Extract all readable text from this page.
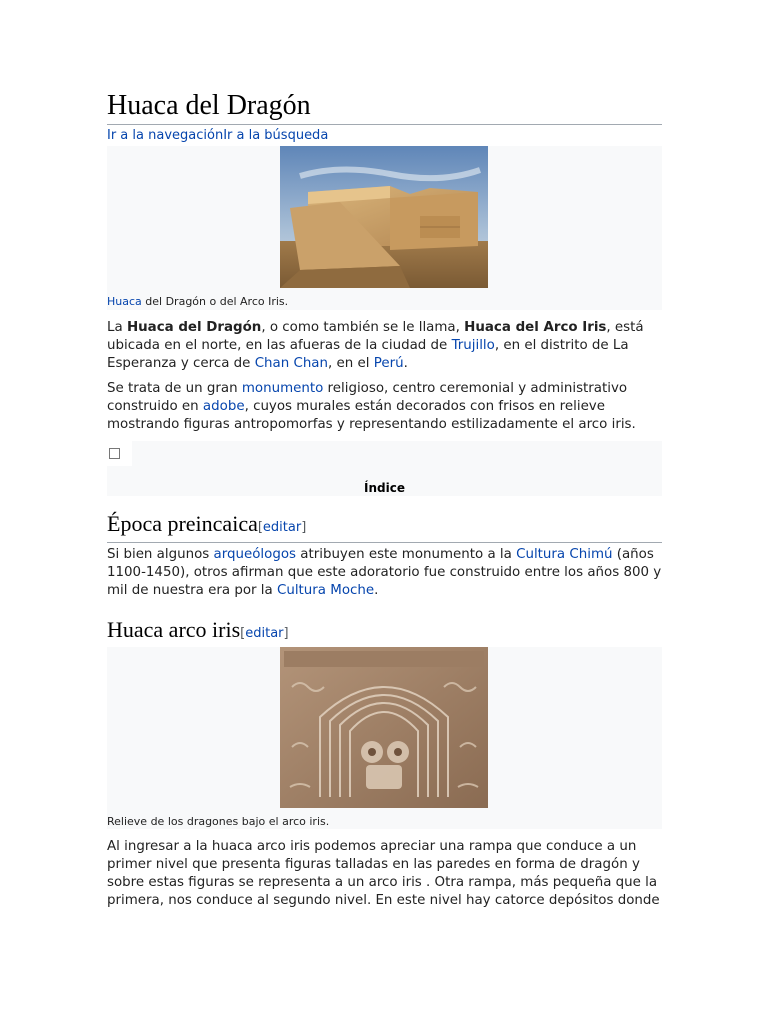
Huaca del Dragón
Ir a la navegaciónIr a la búsqueda
Huaca del Dragón o del Arco Iris.

La Huaca del Dragón, o como también se le llama, Huaca del Arco Iris, está ubicada en el norte, en las afueras de la ciudad de Trujillo, en el distrito de La Esperanza y cerca de Chan Chan, en el Perú.

Se trata de un gran monumento religioso, centro ceremonial y administrativo construido en adobe, cuyos murales están decorados con frisos en relieve mostrando figuras antropomorfas y representando estilizadamente el arco iris.

Índice
Época preincaica[editar]

Si bien algunos arqueólogos atribuyen este monumento a la Cultura Chimú (años 1100-1450), otros afirman que este adoratorio fue construido entre los años 800 y mil de nuestra era por la Cultura Moche.

Huaca arco iris[editar]
Relieve de los dragones bajo el arco iris.

Al ingresar a la huaca arco iris podemos apreciar una rampa que conduce a un primer nivel que presenta figuras talladas en las paredes en forma de dragón y sobre estas figuras se representa a un arco iris . Otra rampa, más pequeña que la primera, nos conduce al segundo nivel. En este nivel hay catorce depósitos donde
